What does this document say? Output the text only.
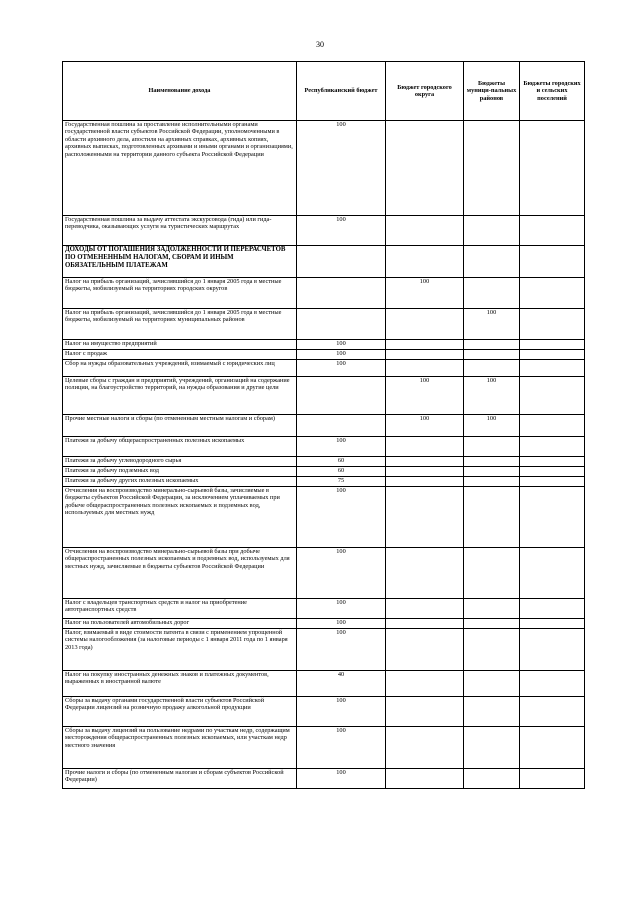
30
Наименование дохода	Республиканский бюджет	Бюджет городского округа	Бюджеты муници-пальных районов	Бюджеты городских и сельских поселений
Государственная пошлина за проставление исполнительными органами государственной власти субъектов Российской Федерации, уполномоченными в области архивного дела, апостиля на архивных справках, архивных копиях, архивных выписках, подготовленных архивами и иными органами и организациями, расположенными на территории данного субъекта Российской Федерации	100			
Государственная пошлина за выдачу аттестата экскурсовода (гида) или гида-переводчика, оказывающих услуги на туристических маршрутах	100			
ДОХОДЫ ОТ ПОГАШЕНИЯ ЗАДОЛЖЕННОСТИ И ПЕРЕРАСЧЕТОВ ПО ОТМЕНЕННЫМ НАЛОГАМ, СБОРАМ И ИНЫМ ОБЯЗАТЕЛЬНЫМ ПЛАТЕЖАМ				
Налог на прибыль организаций, зачислявшийся до 1 января 2005 года в местные бюджеты, мобилизуемый на территориях городских округов		100		
Налог на прибыль организаций, зачислявшийся до 1 января 2005 года в местные бюджеты, мобилизуемый на территориях муниципальных районов			100	
Налог на имущество предприятий	100			
Налог с продаж	100			
Сбор на нужды образовательных учреждений, взимаемый с юридических лиц	100			
Целевые сборы с граждан и предприятий, учреждений, организаций на содержание полиции, на благоустройство территорий, на нужды образования и другие цели		100	100	
Прочие местные налоги и сборы (по отмененным местным налогам и сборам)		100	100	
Платежи за добычу общераспространенных полезных ископаемых	100			
Платежи за добычу углеводородного сырья	60			
Платежи за добычу подземных вод	60			
Платежи за добычу других полезных ископаемых	75			
Отчисления на воспроизводство минерально-сырьевой базы, зачисляемые в бюджеты субъектов Российской Федерации, за исключением уплачиваемых при добыче общераспространенных полезных ископаемых и подземных вод, используемых для местных нужд	100			
Отчисления на воспроизводство минерально-сырьевой базы при добыче общераспространенных полезных ископаемых и подземных вод, используемых для местных нужд, зачисляемые в бюджеты субъектов Российской Федерации	100			
Налог с владельцев транспортных средств и налог на приобретение автотранспортных средств	100			
Налог на пользователей автомобильных дорог	100			
Налог, взимаемый в виде стоимости патента в связи с применением упрощенной системы налогообложения (за налоговые периоды с 1 января 2011 года по 1 января 2013 года)	100			
Налог на покупку иностранных денежных знаков и платежных документов, выраженных в иностранной валюте	40			
Сборы за выдачу органами государственной власти субъектов Российской Федерации лицензий на розничную продажу алкогольной продукции	100			
Сборы за выдачу лицензий на пользование недрами по участкам недр, содержащим месторождения общераспространенных полезных ископаемых, или участкам недр местного значения	100			
Прочие налоги и сборы (по отмененным налогам и сборам субъектов Российской Федерации)	100			
